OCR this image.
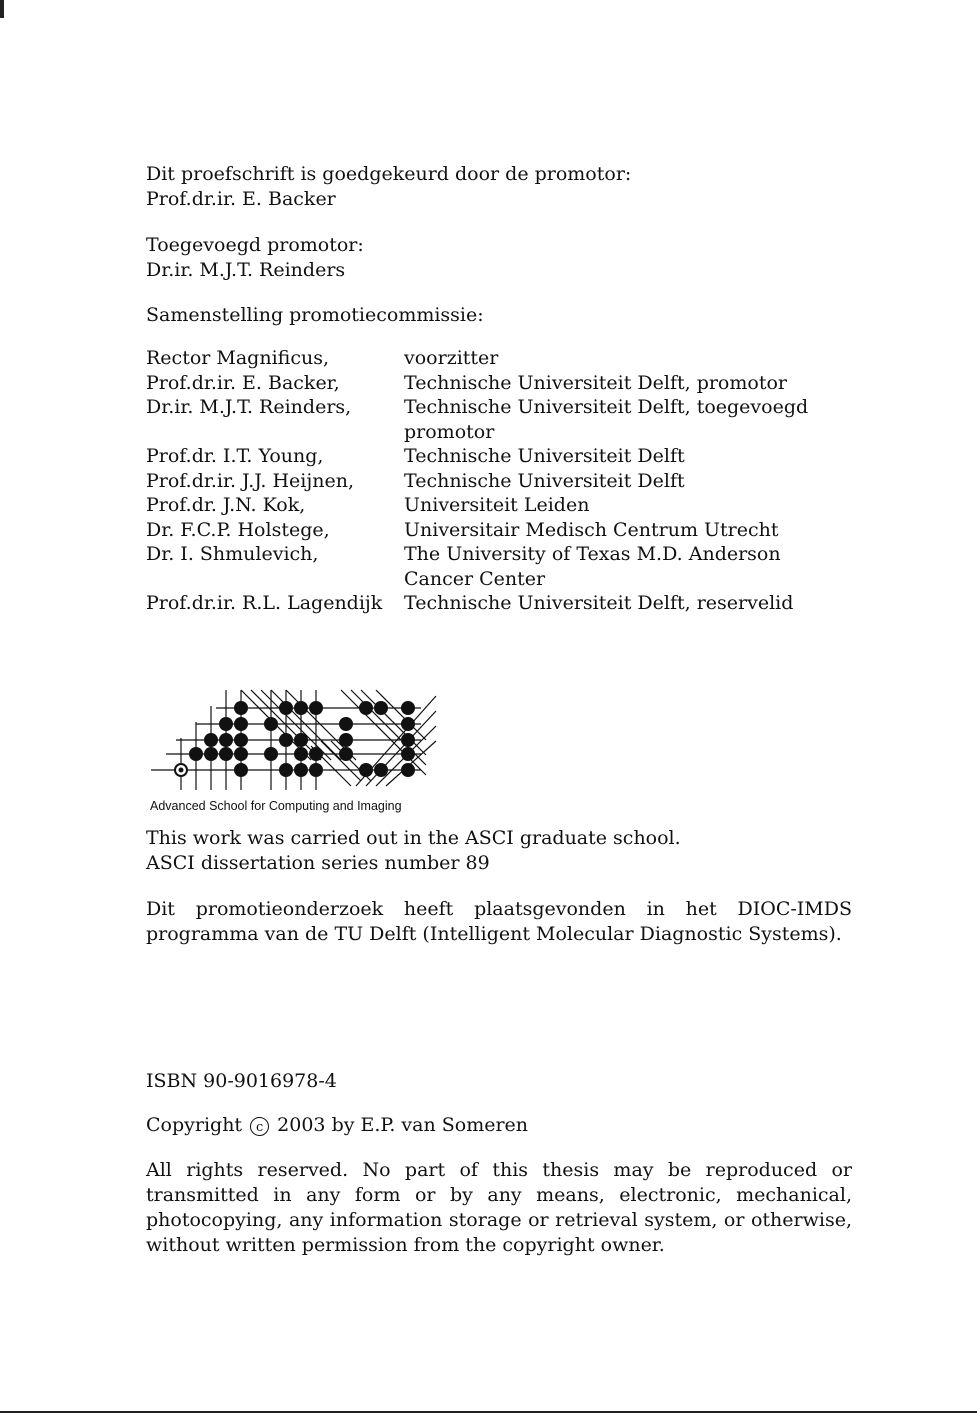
Dit proefschrift is goedgekeurd door de promotor:
Prof.dr.ir. E. Backer
Toegevoegd promotor:
Dr.ir. M.J.T. Reinders
Samenstelling promotiecommissie:
Rector Magnificus,	voorzitter
Prof.dr.ir. E. Backer,	Technische Universiteit Delft, promotor
Dr.ir. M.J.T. Reinders,	Technische Universiteit Delft, toegevoegd promotor
Prof.dr. I.T. Young,	Technische Universiteit Delft
Prof.dr.ir. J.J. Heijnen,	Technische Universiteit Delft
Prof.dr. J.N. Kok,	Universiteit Leiden
Dr. F.C.P. Holstege,	Universitair Medisch Centrum Utrecht
Dr. I. Shmulevich,	The University of Texas M.D. Anderson Cancer Center
Prof.dr.ir. R.L. Lagendijk	Technische Universiteit Delft, reservelid
Advanced School for Computing and Imaging
This work was carried out in the ASCI graduate school.
ASCI dissertation series number 89
Dit promotieonderzoek heeft plaatsgevonden in het DIOC-IMDS programma van de TU Delft (Intelligent Molecular Diagnostic Systems).
ISBN 90-9016978-4
Copyright c 2003 by E.P. van Someren
All rights reserved. No part of this thesis may be reproduced or transmitted in any form or by any means, electronic, mechanical, photocopying, any information storage or retrieval system, or otherwise, without written permission from the copyright owner.
